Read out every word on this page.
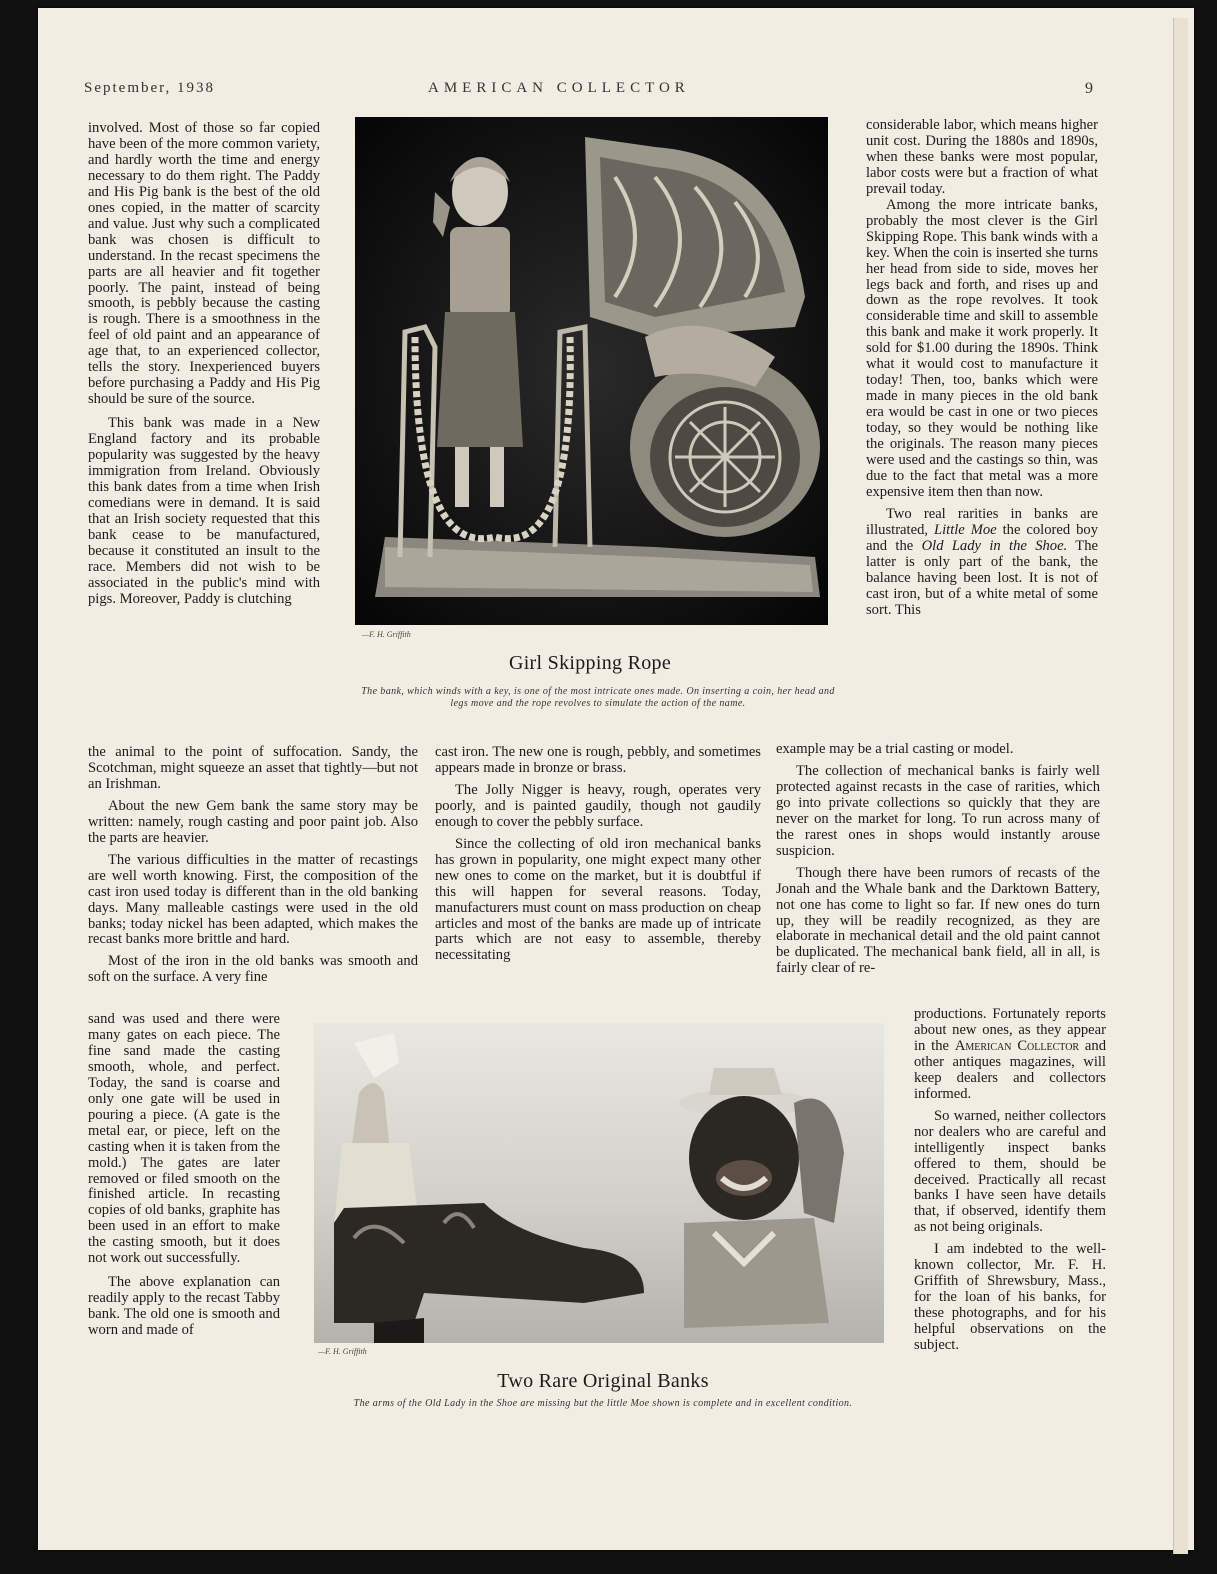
September, 1938	AMERICAN COLLECTOR	9

involved. Most of those so far copied have been of the more common variety, and hardly worth the time and energy necessary to do them right. The Paddy and His Pig bank is the best of the old ones copied, in the matter of scarcity and value. Just why such a complicated bank was chosen is difficult to understand. In the recast specimens the parts are all heavier and fit together poorly. The paint, instead of being smooth, is pebbly because the casting is rough. There is a smoothness in the feel of old paint and an appearance of age that, to an experienced collector, tells the story. Inexperienced buyers before purchasing a Paddy and His Pig should be sure of the source.

This bank was made in a New England factory and its probable popularity was suggested by the heavy immigration from Ireland. Obviously this bank dates from a time when Irish comedians were in demand. It is said that an Irish society requested that this bank cease to be manufactured, because it constituted an insult to the race. Members did not wish to be associated in the public's mind with pigs. Moreover, Paddy is clutching

the animal to the point of suffocation. Sandy, the Scotchman, might squeeze an asset that tightly—but not an Irishman.

About the new Gem bank the same story may be written: namely, rough casting and poor paint job. Also the parts are heavier.

The various difficulties in the matter of recastings are well worth knowing. First, the composition of the cast iron used today is different than in the old banking days. Many malleable castings were used in the old banks; today nickel has been adapted, which makes the recast banks more brittle and hard.

Most of the iron in the old banks was smooth and soft on the surface. A very fine

sand was used and there were many gates on each piece. The fine sand made the casting smooth, whole, and perfect. Today, the sand is coarse and only one gate will be used in pouring a piece. (A gate is the metal ear, or piece, left on the casting when it is taken from the mold.) The gates are later removed or filed smooth on the finished article. In recasting copies of old banks, graphite has been used in an effort to make the casting smooth, but it does not work out successfully.

The above explanation can readily apply to the recast Tabby bank. The old one is smooth and worn and made of

cast iron. The new one is rough, pebbly, and sometimes appears made in bronze or brass.

The Jolly Nigger is heavy, rough, operates very poorly, and is painted gaudily, though not gaudily enough to cover the pebbly surface.

Since the collecting of old iron mechanical banks has grown in popularity, one might expect many other new ones to come on the market, but it is doubtful if this will happen for several reasons. Today, manufacturers must count on mass production on cheap articles and most of the banks are made up of intricate parts which are not easy to assemble, thereby necessitating

considerable labor, which means higher unit cost. During the 1880s and 1890s, when these banks were most popular, labor costs were but a fraction of what prevail today.

Among the more intricate banks, probably the most clever is the Girl Skipping Rope. This bank winds with a key. When the coin is inserted she turns her head from side to side, moves her legs back and forth, and rises up and down as the rope revolves. It took considerable time and skill to assemble this bank and make it work properly. It sold for $1.00 during the 1890s. Think what it would cost to manufacture it today! Then, too, banks which were made in many pieces in the old bank era would be cast in one or two pieces today, so they would be nothing like the originals. The reason many pieces were used and the castings so thin, was due to the fact that metal was a more expensive item then than now.

Two real rarities in banks are illustrated, Little Moe the colored boy and the Old Lady in the Shoe. The latter is only part of the bank, the balance having been lost. It is not of cast iron, but of a white metal of some sort. This

example may be a trial casting or model.

The collection of mechanical banks is fairly well protected against recasts in the case of rarities, which go into private collections so quickly that they are never on the market for long. To run across many of the rarest ones in shops would instantly arouse suspicion.

Though there have been rumors of recasts of the Jonah and the Whale bank and the Darktown Battery, not one has come to light so far. If new ones do turn up, they will be readily recognized, as they are elaborate in mechanical detail and the old paint cannot be duplicated. The mechanical bank field, all in all, is fairly clear of re-

productions. Fortunately reports about new ones, as they appear in the American Collector and other antiques magazines, will keep dealers and collectors informed.

So warned, neither collectors nor dealers who are careful and intelligently inspect banks offered to them, should be deceived. Practically all recast banks I have seen have details that, if observed, identify them as not being originals.

I am indebted to the well-known collector, Mr. F. H. Griffith of Shrewsbury, Mass., for the loan of his banks, for these photographs, and for his helpful observations on the subject.

—F. H. Griffith
Girl Skipping Rope
The bank, which winds with a key, is one of the most intricate ones made. On inserting a coin, her head and legs move and the rope revolves to simulate the action of the name.
—F. H. Griffith
Two Rare Original Banks
The arms of the Old Lady in the Shoe are missing but the little Moe shown is complete and in excellent condition.
